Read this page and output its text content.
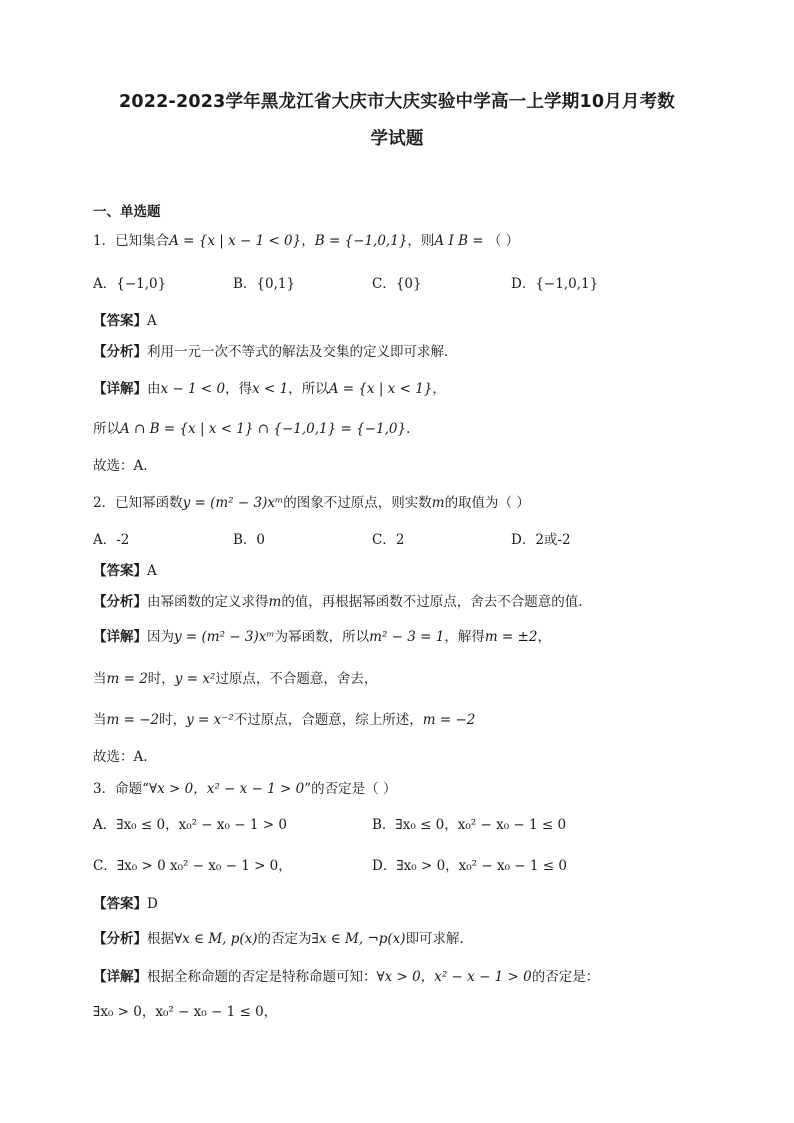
2022-2023学年黑龙江省大庆市大庆实验中学高一上学期10月月考数
学试题
一、单选题
1．已知集合A = {x | x − 1 < 0}，B = {−1,0,1}，则A I B = （ ）
A．{−1,0}	B．{0,1}	C．{0}	D．{−1,0,1}
【答案】A
【分析】利用一元一次不等式的解法及交集的定义即可求解.
【详解】由x − 1 < 0，得x < 1，所以A = {x | x < 1}，
所以A ∩ B = {x | x < 1} ∩ {−1,0,1} = {−1,0}.
故选：A.
2．已知幂函数y = (m² − 3)xᵐ的图象不过原点，则实数m的取值为（ ）
A．-2	B．0	C．2	D．2或-2
【答案】A
【分析】由幂函数的定义求得m的值，再根据幂函数不过原点，舍去不合题意的值.
【详解】因为y = (m² − 3)xᵐ为幂函数，所以m² − 3 = 1，解得m = ±2，
当m = 2时，y = x²过原点，不合题意，舍去，
当m = −2时，y = x⁻²不过原点，合题意，综上所述，m = −2
故选：A.
3．命题“∀x > 0，x² − x − 1 > 0”的否定是（ ）
A．∃x₀ ≤ 0，x₀² − x₀ − 1 > 0	B．∃x₀ ≤ 0，x₀² − x₀ − 1 ≤ 0
C．∃x₀ > 0 x₀² − x₀ − 1 > 0，	D．∃x₀ > 0，x₀² − x₀ − 1 ≤ 0
【答案】D
【分析】根据∀x ∈ M, p(x)的否定为∃x ∈ M, ¬p(x)即可求解.
【详解】根据全称命题的否定是特称命题可知：∀x > 0，x² − x − 1 > 0的否定是：
∃x₀ > 0，x₀² − x₀ − 1 ≤ 0，
